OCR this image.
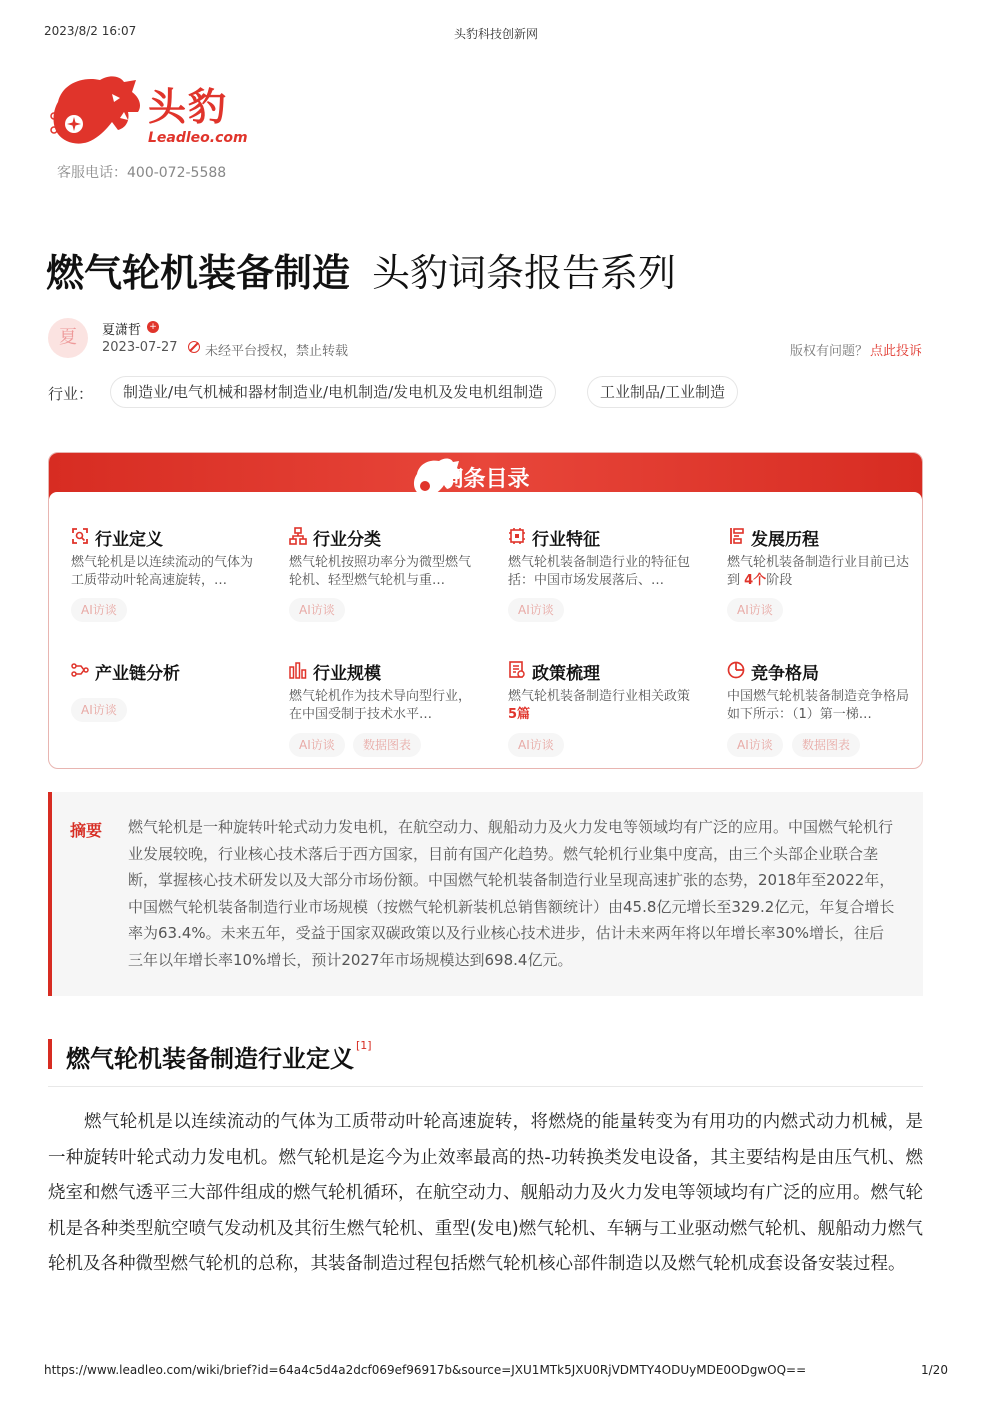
2023/8/2 16:07	头豹科技创新网
头豹
Leadleo.com
客服电话：400-072-5588
燃气轮机装备制造 头豹词条报告系列
夏	夏潇哲 +
2023-07-27 未经平台授权，禁止转载	版权有问题？ 点此投诉
行业：	制造业/电气机械和器材制造业/电机制造/发电机及发电机组制造	工业制品/工业制造
词条目录
行业定义
燃气轮机是以连续流动的气体为工质带动叶轮高速旋转，…
AI访谈
行业分类
燃气轮机按照功率分为微型燃气轮机、轻型燃气轮机与重…
AI访谈
行业特征
燃气轮机装备制造行业的特征包括：中国市场发展落后、…
AI访谈
发展历程
燃气轮机装备制造行业目前已达到 4个阶段
AI访谈
产业链分析
AI访谈
行业规模
燃气轮机作为技术导向型行业，在中国受制于技术水平…
AI访谈	数据图表
政策梳理
燃气轮机装备制造行业相关政策 5篇
AI访谈
竞争格局
中国燃气轮机装备制造竞争格局如下所示：（1）第一梯…
AI访谈	数据图表
摘要 燃气轮机是一种旋转叶轮式动力发电机，在航空动力、舰船动力及火力发电等领域均有广泛的应用。中国燃气轮机行业发展较晚，行业核心技术落后于西方国家，目前有国产化趋势。燃气轮机行业集中度高，由三个头部企业联合垄断，掌握核心技术研发以及大部分市场份额。中国燃气轮机装备制造行业呈现高速扩张的态势，2018年至2022年，中国燃气轮机装备制造行业市场规模（按燃气轮机新装机总销售额统计）由45.8亿元增长至329.2亿元，年复合增长率为63.4%。未来五年，受益于国家双碳政策以及行业核心技术进步，估计未来两年将以年增长率30%增长，往后三年以年增长率10%增长，预计2027年市场规模达到698.4亿元。
燃气轮机装备制造行业定义 [1]
燃气轮机是以连续流动的气体为工质带动叶轮高速旋转，将燃烧的能量转变为有用功的内燃式动力机械，是一种旋转叶轮式动力发电机。燃气轮机是迄今为止效率最高的热-功转换类发电设备，其主要结构是由压气机、燃烧室和燃气透平三大部件组成的燃气轮机循环，在航空动力、舰船动力及火力发电等领域均有广泛的应用。燃气轮机是各种类型航空喷气发动机及其衍生燃气轮机、重型(发电)燃气轮机、车辆与工业驱动燃气轮机、舰船动力燃气轮机及各种微型燃气轮机的总称，其装备制造过程包括燃气轮机核心部件制造以及燃气轮机成套设备安装过程。
https://www.leadleo.com/wiki/brief?id=64a4c5d4a2dcf069ef96917b&source=JXU1MTk5JXU0RjVDMTY4ODUyMDE0ODgwOQ==	1/20
